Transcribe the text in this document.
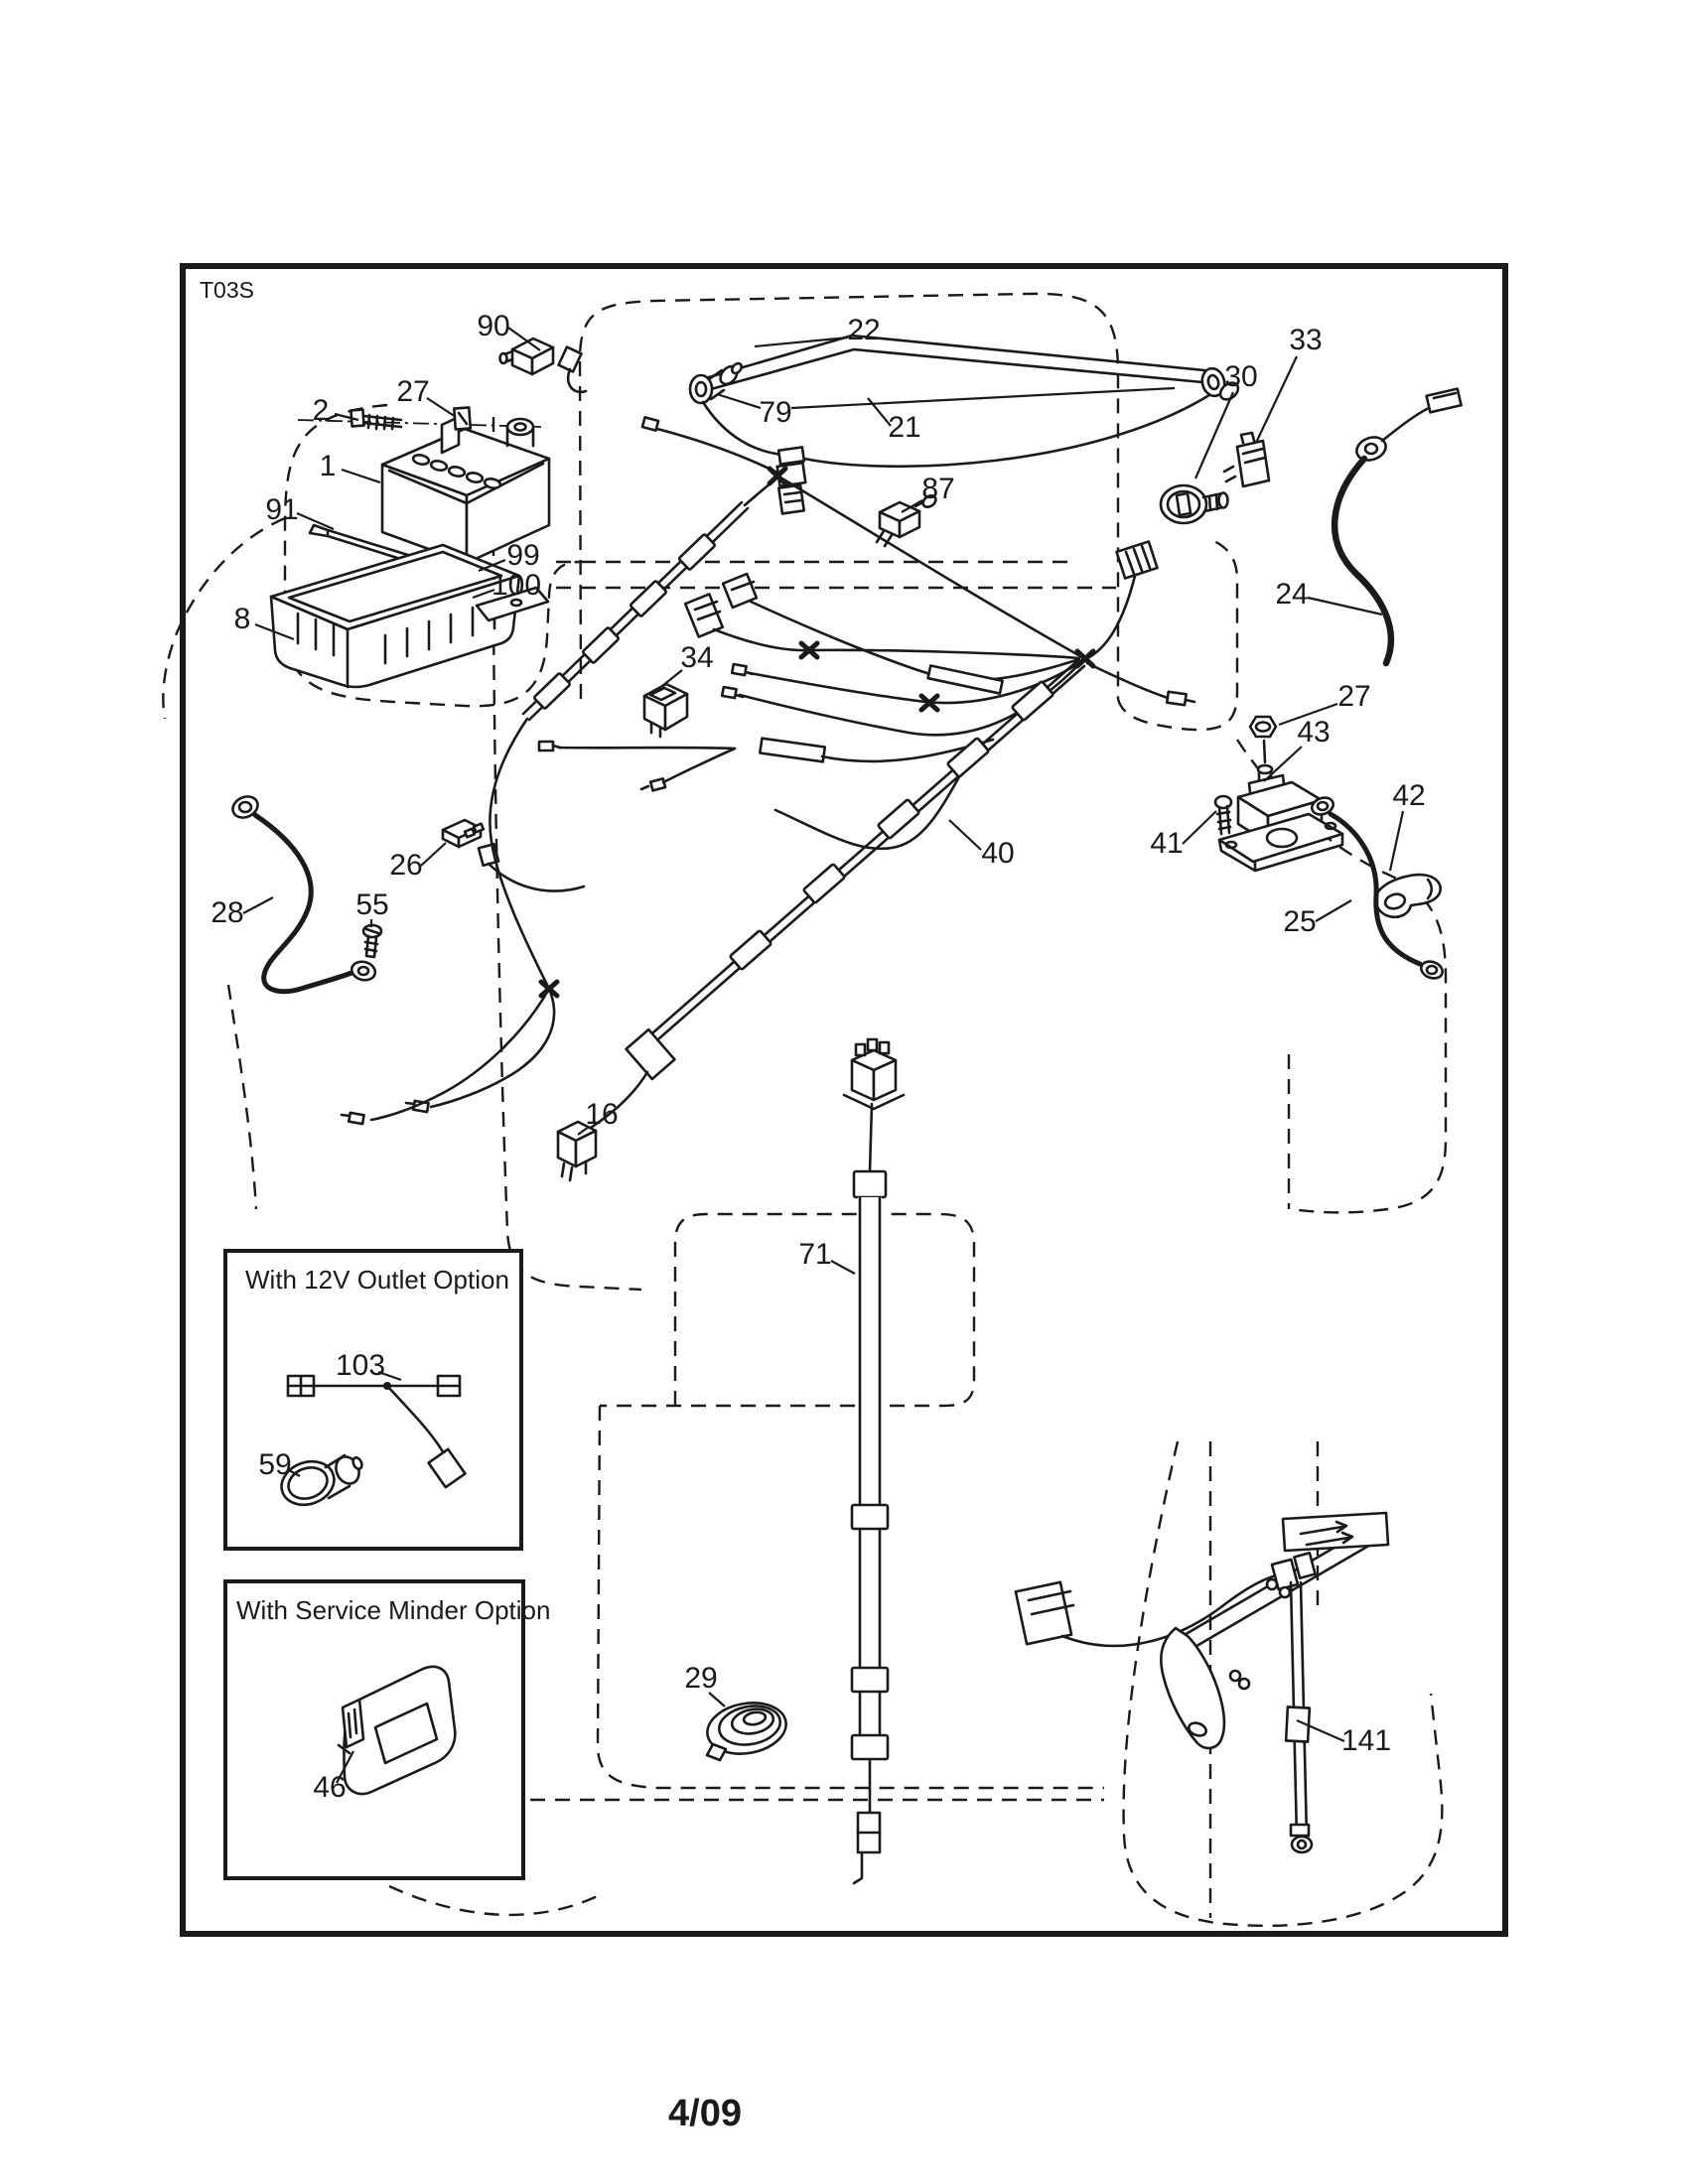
T03S
With 12V Outlet Option
With Service Minder Option
90
2
27
1
91
99
100
8
22
79	21
87
30
33
24
27
43
41
42
25
28
26
55
34
40
16
71
29
141
103
59
46
4/09
